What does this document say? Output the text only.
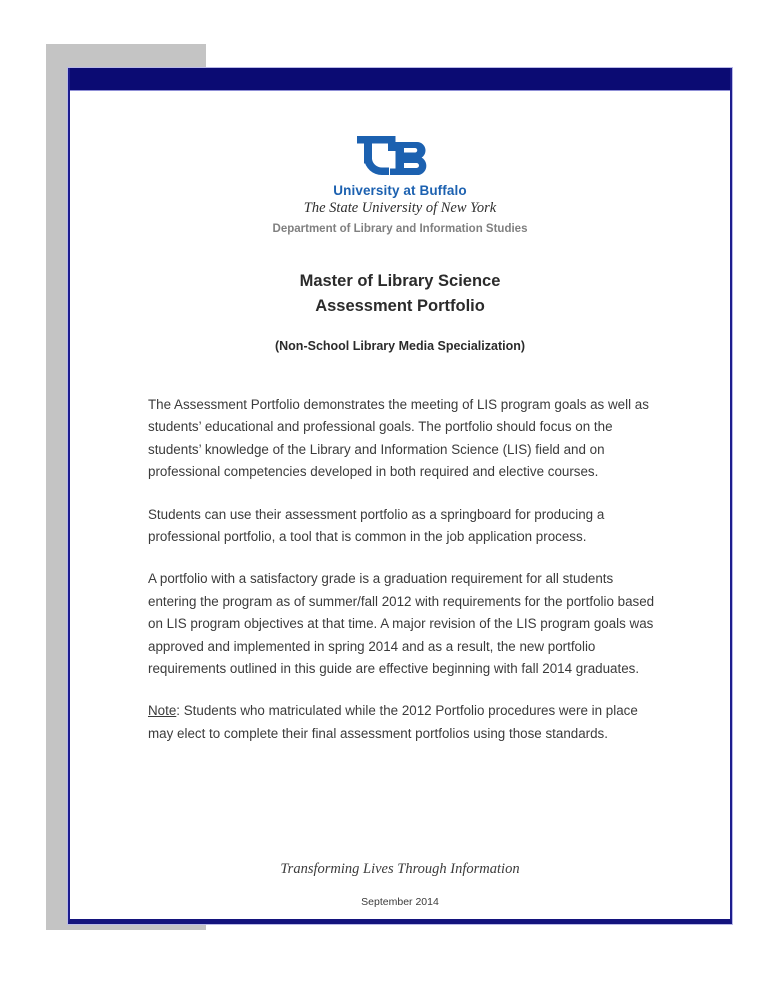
University at Buffalo
The State University of New York
Department of Library and Information Studies
Master of Library Science
Assessment Portfolio
(Non-School Library Media Specialization)

The Assessment Portfolio demonstrates the meeting of LIS program goals as well as students’ educational and professional goals. The portfolio should focus on the students’ knowledge of the Library and Information Science (LIS) field and on professional competencies developed in both required and elective courses.

Students can use their assessment portfolio as a springboard for producing a professional portfolio, a tool that is common in the job application process.

A portfolio with a satisfactory grade is a graduation requirement for all students entering the program as of summer/fall 2012 with requirements for the portfolio based on LIS program objectives at that time. A major revision of the LIS program goals was approved and implemented in spring 2014 and as a result, the new portfolio requirements outlined in this guide are effective beginning with fall 2014 graduates.

Note: Students who matriculated while the 2012 Portfolio procedures were in place may elect to complete their final assessment portfolios using those standards.

Transforming Lives Through Information
September 2014
